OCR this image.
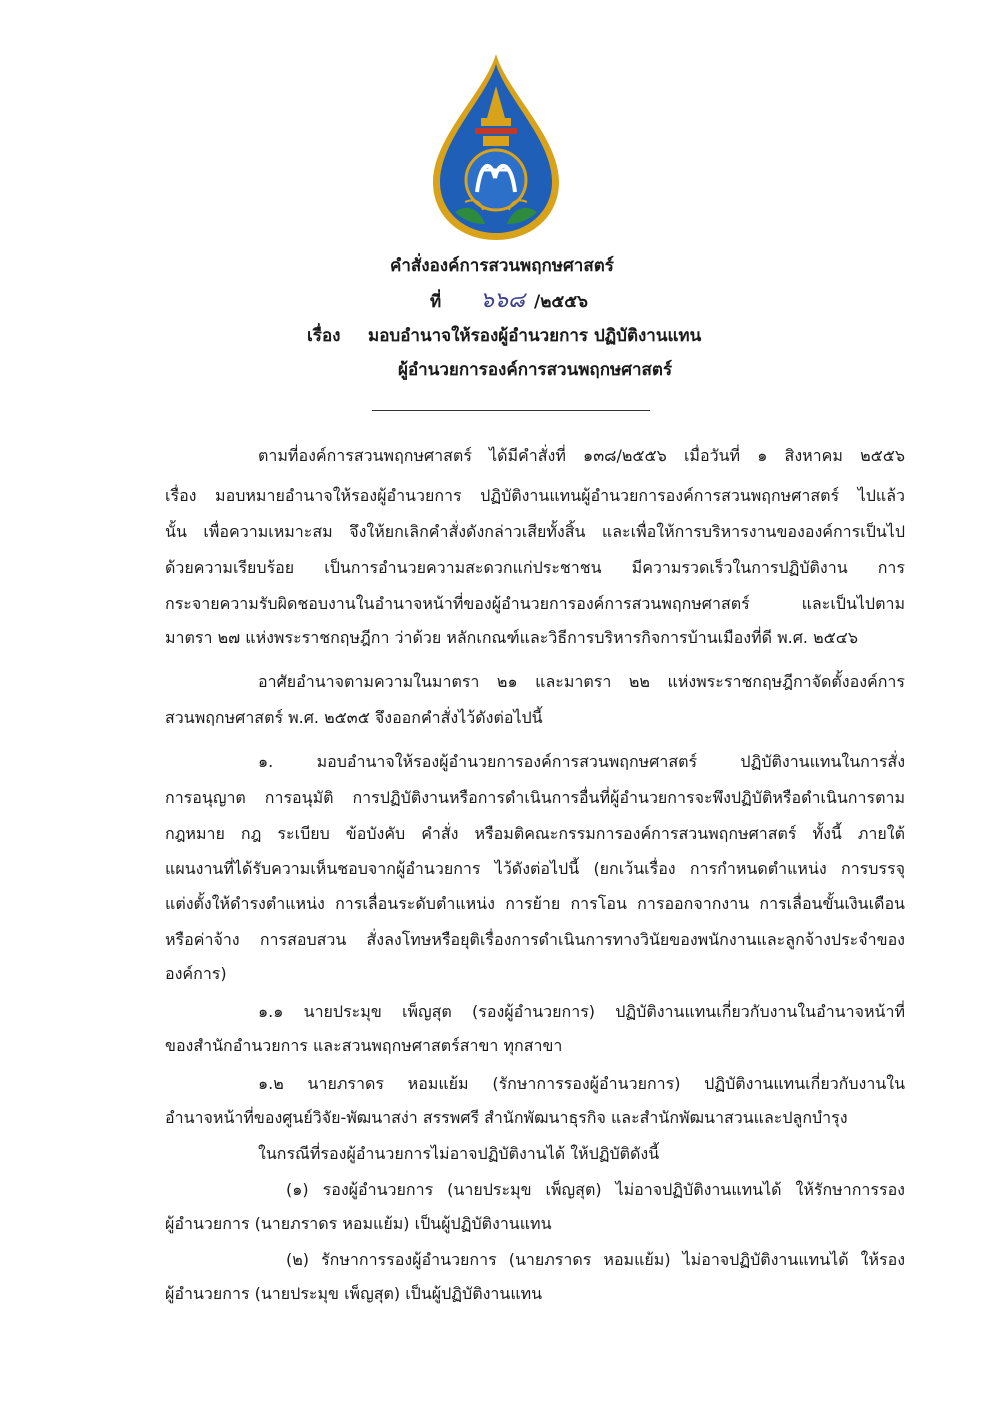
คำสั่งองค์การสวนพฤกษศาสตร์
ที่ ๖๖๘ /๒๕๕๖
เรื่อง มอบอำนาจให้รองผู้อำนวยการ ปฏิบัติงานแทน
ผู้อำนวยการองค์การสวนพฤกษศาสตร์
ตามที่องค์การสวนพฤกษศาสตร์ ได้มีคำสั่งที่ ๑๓๘/๒๕๕๖ เมื่อวันที่ ๑ สิงหาคม ๒๕๕๖
เรื่อง มอบหมายอำนาจให้รองผู้อำนวยการ ปฏิบัติงานแทนผู้อำนวยการองค์การสวนพฤกษศาสตร์ ไปแล้ว
นั้น เพื่อความเหมาะสม จึงให้ยกเลิกคำสั่งดังกล่าวเสียทั้งสิ้น และเพื่อให้การบริหารงานขององค์การเป็นไป
ด้วยความเรียบร้อย เป็นการอำนวยความสะดวกแก่ประชาชน มีความรวดเร็วในการปฏิบัติงาน การ
กระจายความรับผิดชอบงานในอำนาจหน้าที่ของผู้อำนวยการองค์การสวนพฤกษศาสตร์ และเป็นไปตาม
มาตรา ๒๗ แห่งพระราชกฤษฎีกา ว่าด้วย หลักเกณฑ์และวิธีการบริหารกิจการบ้านเมืองที่ดี พ.ศ. ๒๕๔๖
อาศัยอำนาจตามความในมาตรา ๒๑ และมาตรา ๒๒ แห่งพระราชกฤษฎีกาจัดตั้งองค์การ
สวนพฤกษศาสตร์ พ.ศ. ๒๕๓๕ จึงออกคำสั่งไว้ดังต่อไปนี้
๑. มอบอำนาจให้รองผู้อำนวยการองค์การสวนพฤกษศาสตร์ ปฏิบัติงานแทนในการสั่ง
การอนุญาต การอนุมัติ การปฏิบัติงานหรือการดำเนินการอื่นที่ผู้อำนวยการจะพึงปฏิบัติหรือดำเนินการตาม
กฎหมาย กฎ ระเบียบ ข้อบังคับ คำสั่ง หรือมติคณะกรรมการองค์การสวนพฤกษศาสตร์ ทั้งนี้ ภายใต้
แผนงานที่ได้รับความเห็นชอบจากผู้อำนวยการ ไว้ดังต่อไปนี้ (ยกเว้นเรื่อง การกำหนดตำแหน่ง การบรรจุ
แต่งตั้งให้ดำรงตำแหน่ง การเลื่อนระดับตำแหน่ง การย้าย การโอน การออกจากงาน การเลื่อนขั้นเงินเดือน
หรือค่าจ้าง การสอบสวน สั่งลงโทษหรือยุติเรื่องการดำเนินการทางวินัยของพนักงานและลูกจ้างประจำของ
องค์การ)
๑.๑ นายประมุข เพ็ญสุต (รองผู้อำนวยการ) ปฏิบัติงานแทนเกี่ยวกับงานในอำนาจหน้าที่
ของสำนักอำนวยการ และสวนพฤกษศาสตร์สาขา ทุกสาขา
๑.๒ นายภราดร หอมแย้ม (รักษาการรองผู้อำนวยการ) ปฏิบัติงานแทนเกี่ยวกับงานใน
อำนาจหน้าที่ของศูนย์วิจัย-พัฒนาสง่า สรรพศรี สำนักพัฒนาธุรกิจ และสำนักพัฒนาสวนและปลูกบำรุง
ในกรณีที่รองผู้อำนวยการไม่อาจปฏิบัติงานได้ ให้ปฏิบัติดังนี้
(๑) รองผู้อำนวยการ (นายประมุข เพ็ญสุต) ไม่อาจปฏิบัติงานแทนได้ ให้รักษาการรอง
ผู้อำนวยการ (นายภราดร หอมแย้ม) เป็นผู้ปฏิบัติงานแทน
(๒) รักษาการรองผู้อำนวยการ (นายภราดร หอมแย้ม) ไม่อาจปฏิบัติงานแทนได้ ให้รอง
ผู้อำนวยการ (นายประมุข เพ็ญสุต) เป็นผู้ปฏิบัติงานแทน
